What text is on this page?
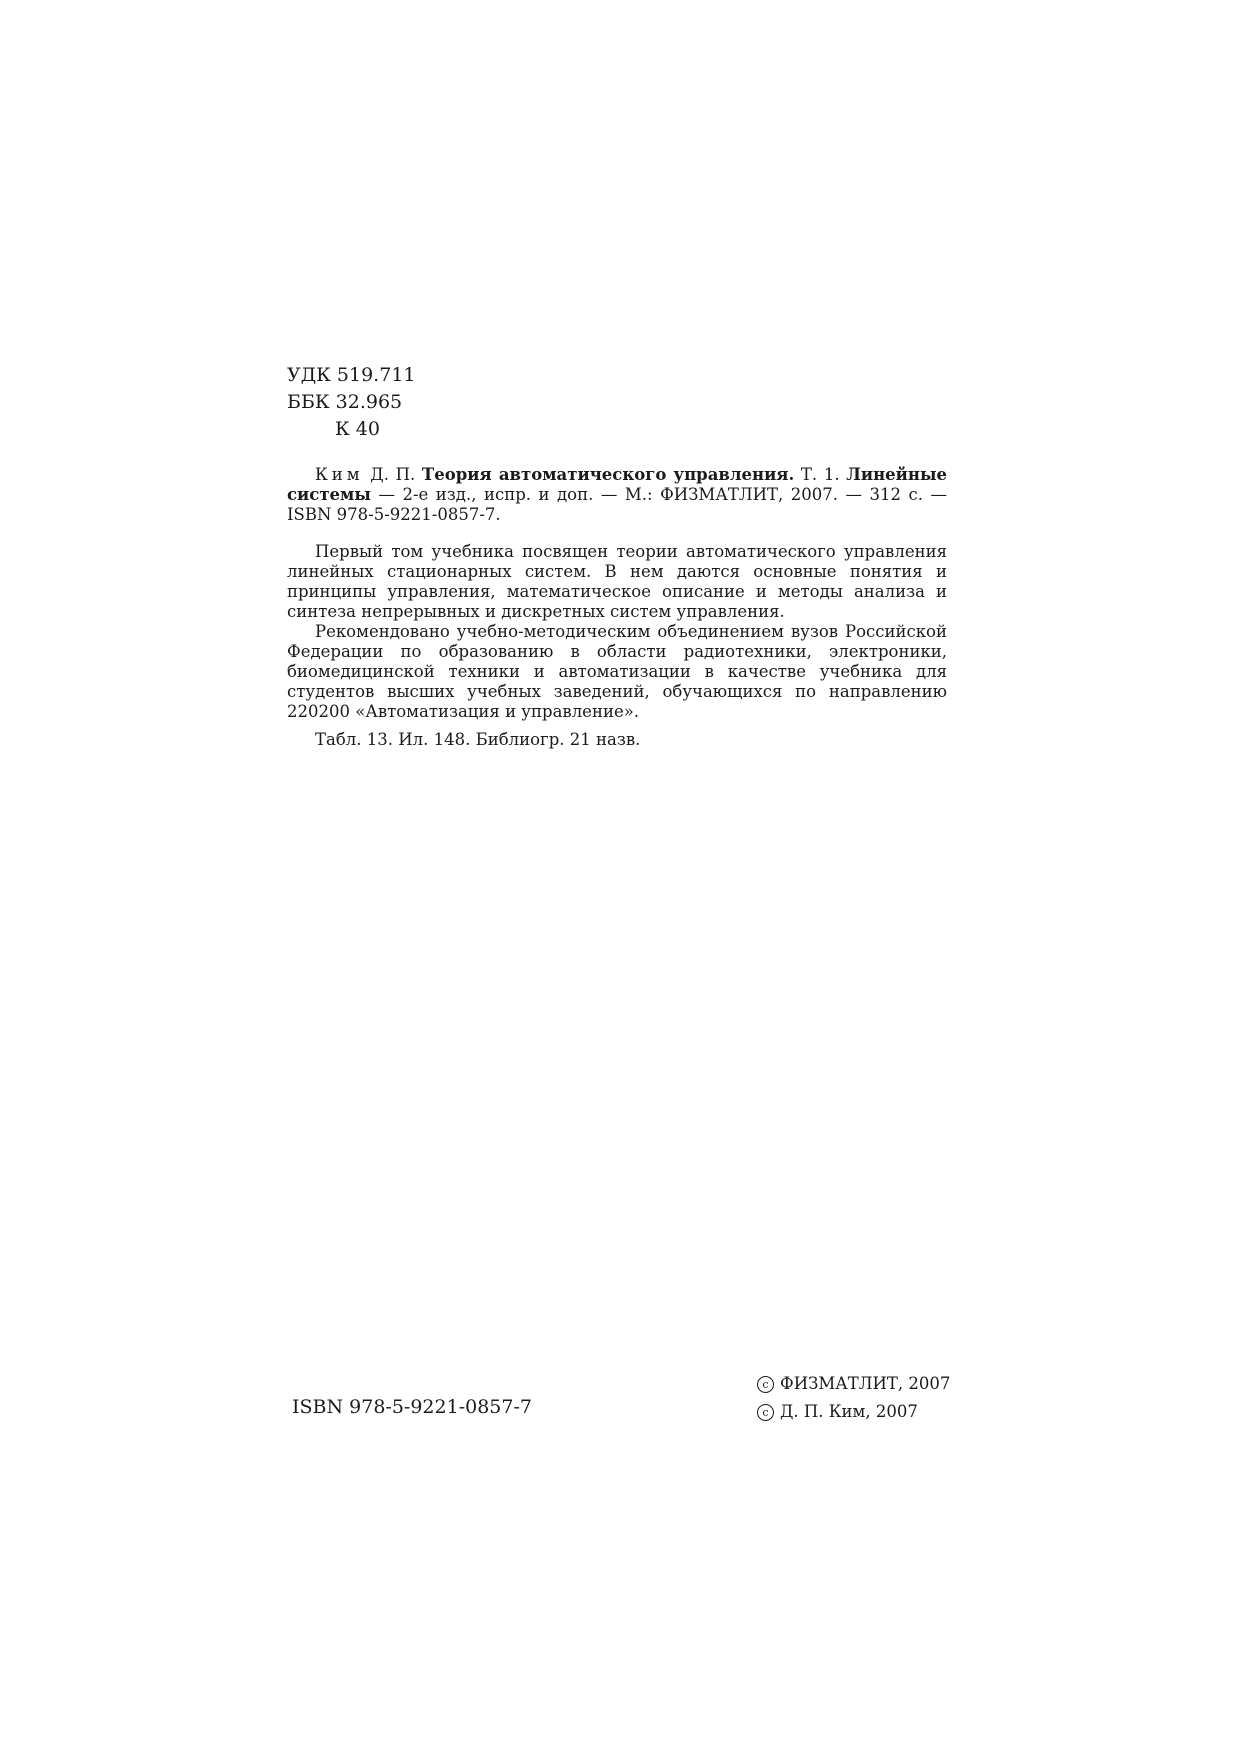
УДК 519.711
ББК 32.965
К 40

Ким Д. П. Теория автоматического управления. Т. 1. Линейные системы — 2-е изд., испр. и доп. — М.: ФИЗМАТЛИТ, 2007. — 312 с. — ISBN 978-5-9221-0857-7.

Первый том учебника посвящен теории автоматического управления линейных стационарных систем. В нем даются основные понятия и принципы управления, математическое описание и методы анализа и синтеза непрерывных и дискретных систем управления.

Рекомендовано учебно-методическим объединением вузов Российской Федерации по образованию в области радиотехники, электроники, биомедицинской техники и автоматизации в качестве учебника для студентов высших учебных заведений, обучающихся по направлению 220200 «Автоматизация и управление».

Табл. 13. Ил. 148. Библиогр. 21 назв.

ISBN 978-5-9221-0857-7
c ФИЗМАТЛИТ, 2007
c Д. П. Ким, 2007
